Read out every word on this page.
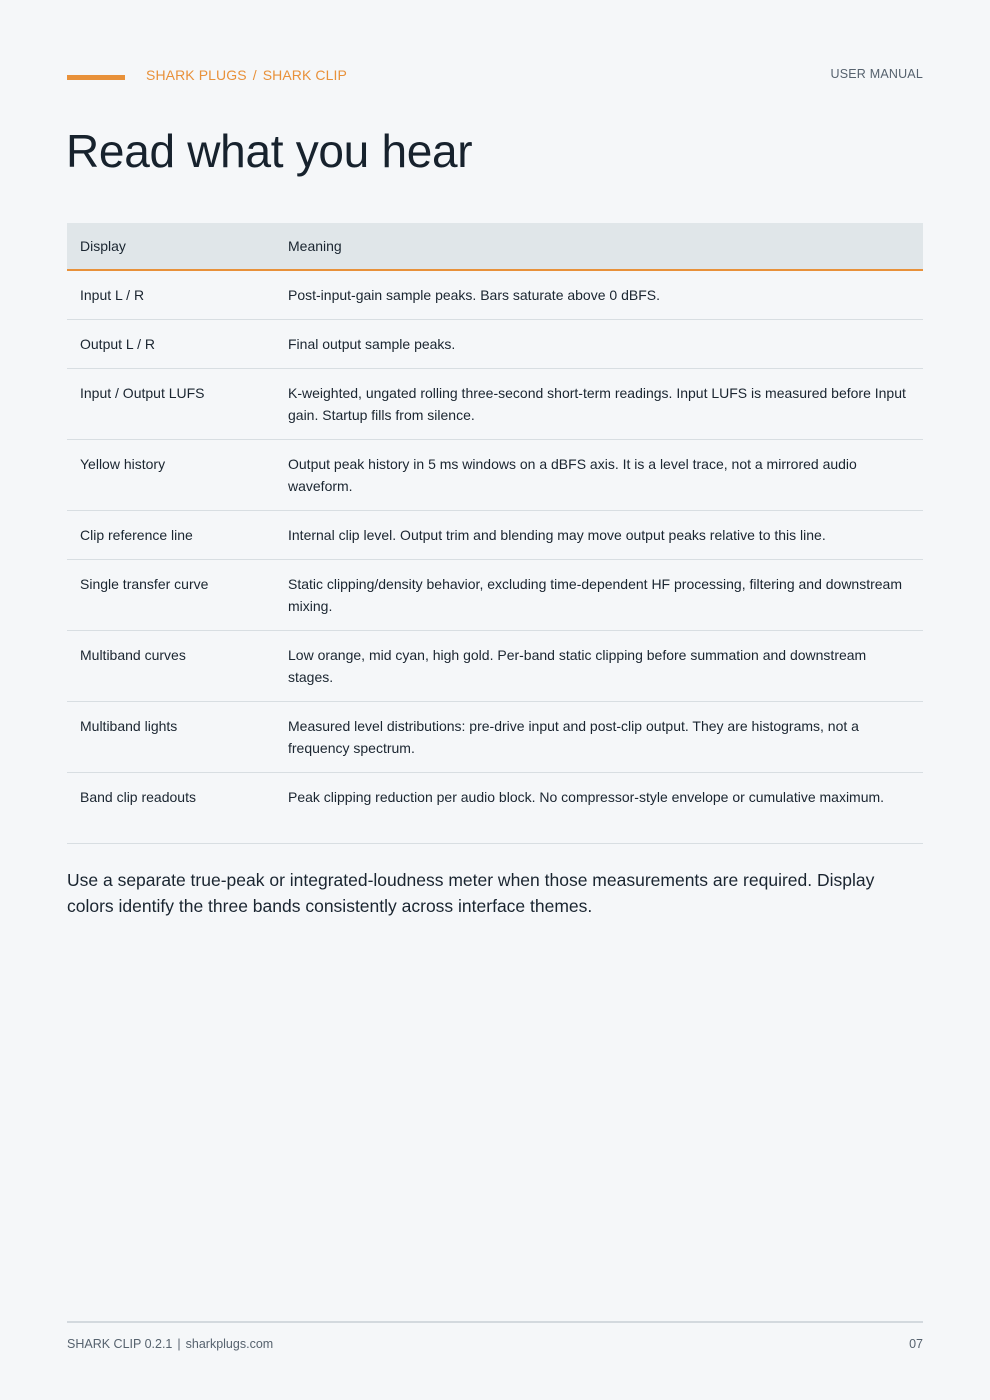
SHARK PLUGS / SHARK CLIP	USER MANUAL
Read what you hear
Display	Meaning
Input L / R	Post-input-gain sample peaks. Bars saturate above 0 dBFS.
Output L / R	Final output sample peaks.
Input / Output LUFS	K-weighted, ungated rolling three-second short-term readings. Input LUFS is measured before Input gain. Startup fills from silence.
Yellow history	Output peak history in 5 ms windows on a dBFS axis. It is a level trace, not a mirrored audio waveform.
Clip reference line	Internal clip level. Output trim and blending may move output peaks relative to this line.
Single transfer curve	Static clipping/density behavior, excluding time-dependent HF processing, filtering and downstream mixing.
Multiband curves	Low orange, mid cyan, high gold. Per-band static clipping before summation and downstream stages.
Multiband lights	Measured level distributions: pre-drive input and post-clip output. They are histograms, not a frequency spectrum.
Band clip readouts	Peak clipping reduction per audio block. No compressor-style envelope or cumulative maximum.

Use a separate true-peak or integrated-loudness meter when those measurements are required. Display colors identify the three bands consistently across interface themes.

SHARK CLIP 0.2.1 | sharkplugs.com	07
